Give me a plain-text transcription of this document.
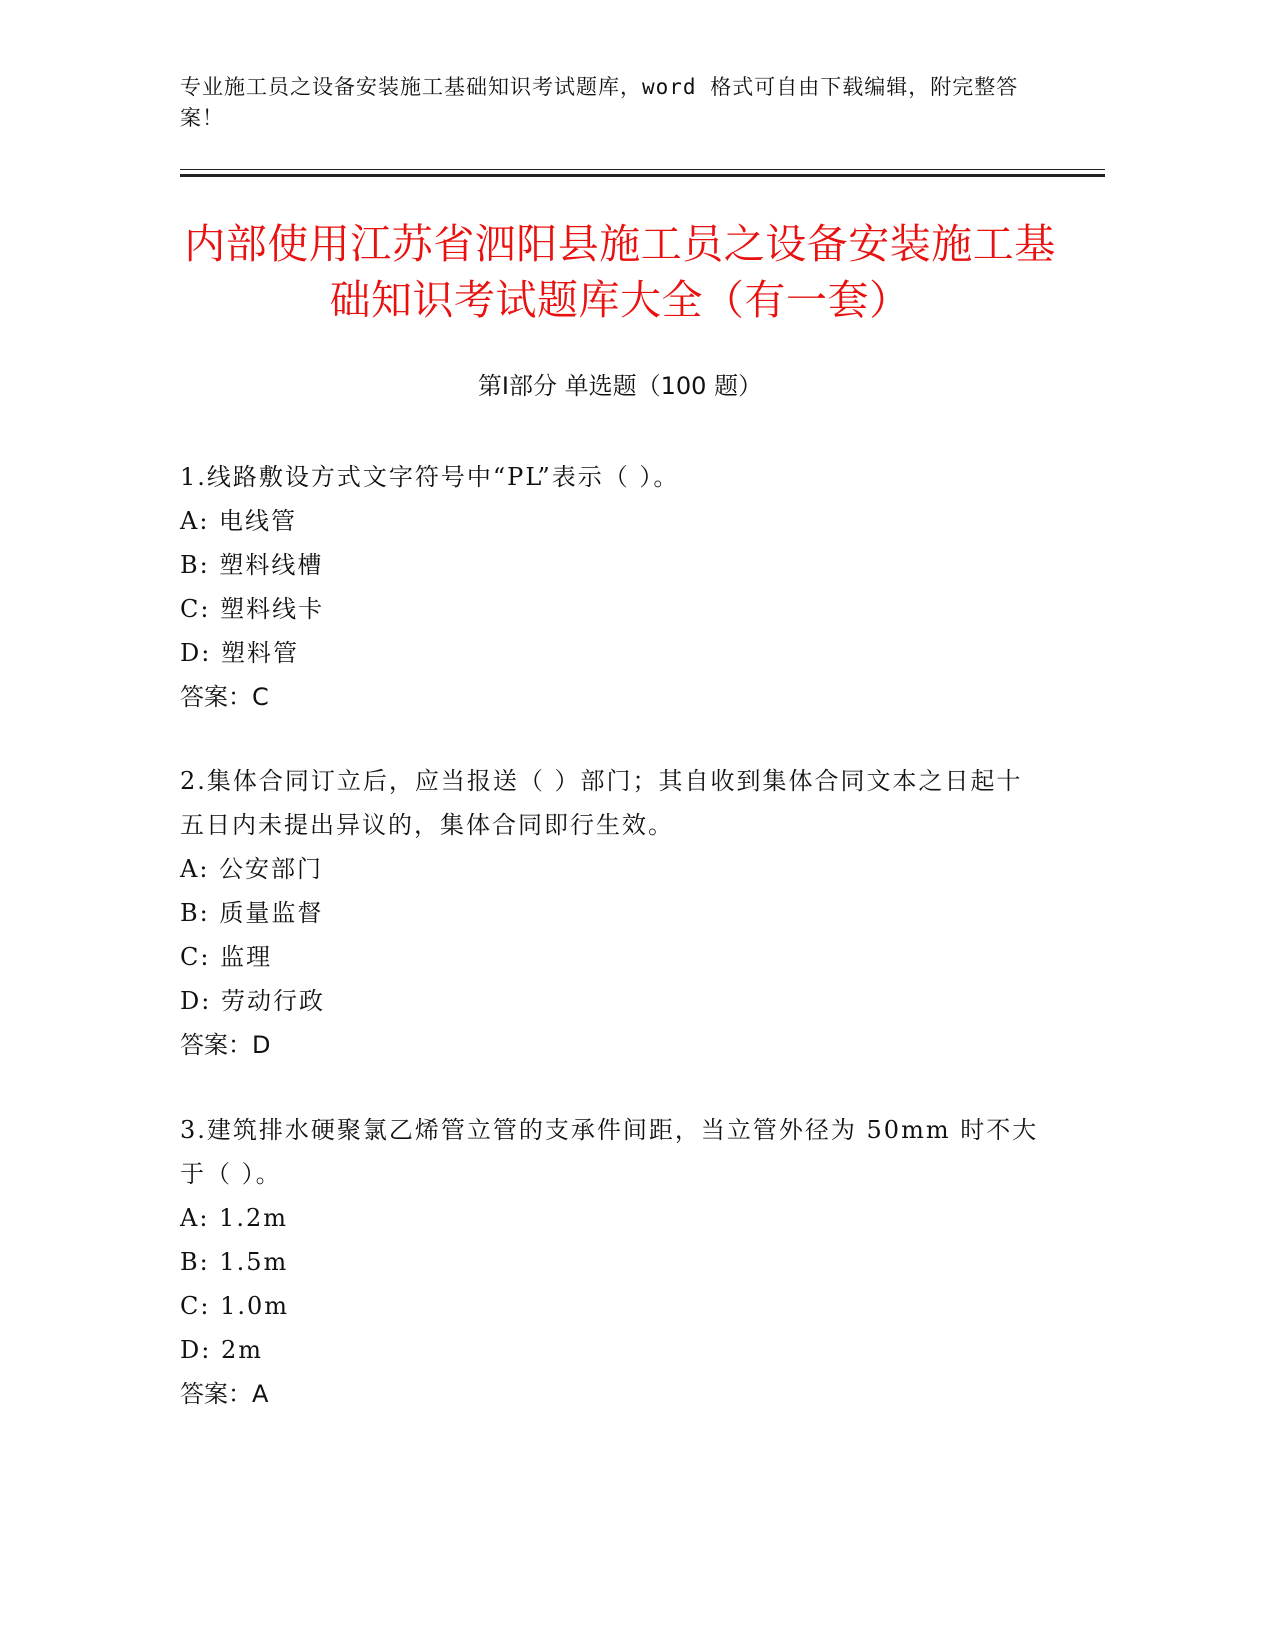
专业施工员之设备安装施工基础知识考试题库，word 格式可自由下载编辑，附完整答案！
内部使用江苏省泗阳县施工员之设备安装施工基础知识考试题库大全（有一套）
第Ⅰ部分 单选题（100 题）

1.线路敷设方式文字符号中“PL”表示（ ）。

A: 电线管

B: 塑料线槽

C: 塑料线卡

D: 塑料管

答案：C

2.集体合同订立后，应当报送（ ）部门；其自收到集体合同文本之日起十五日内未提出异议的，集体合同即行生效。

A: 公安部门

B: 质量监督

C: 监理

D: 劳动行政

答案：D

3.建筑排水硬聚氯乙烯管立管的支承件间距，当立管外径为 50mm 时不大于（ ）。

A: 1.2m

B: 1.5m

C: 1.0m

D: 2m

答案：A
